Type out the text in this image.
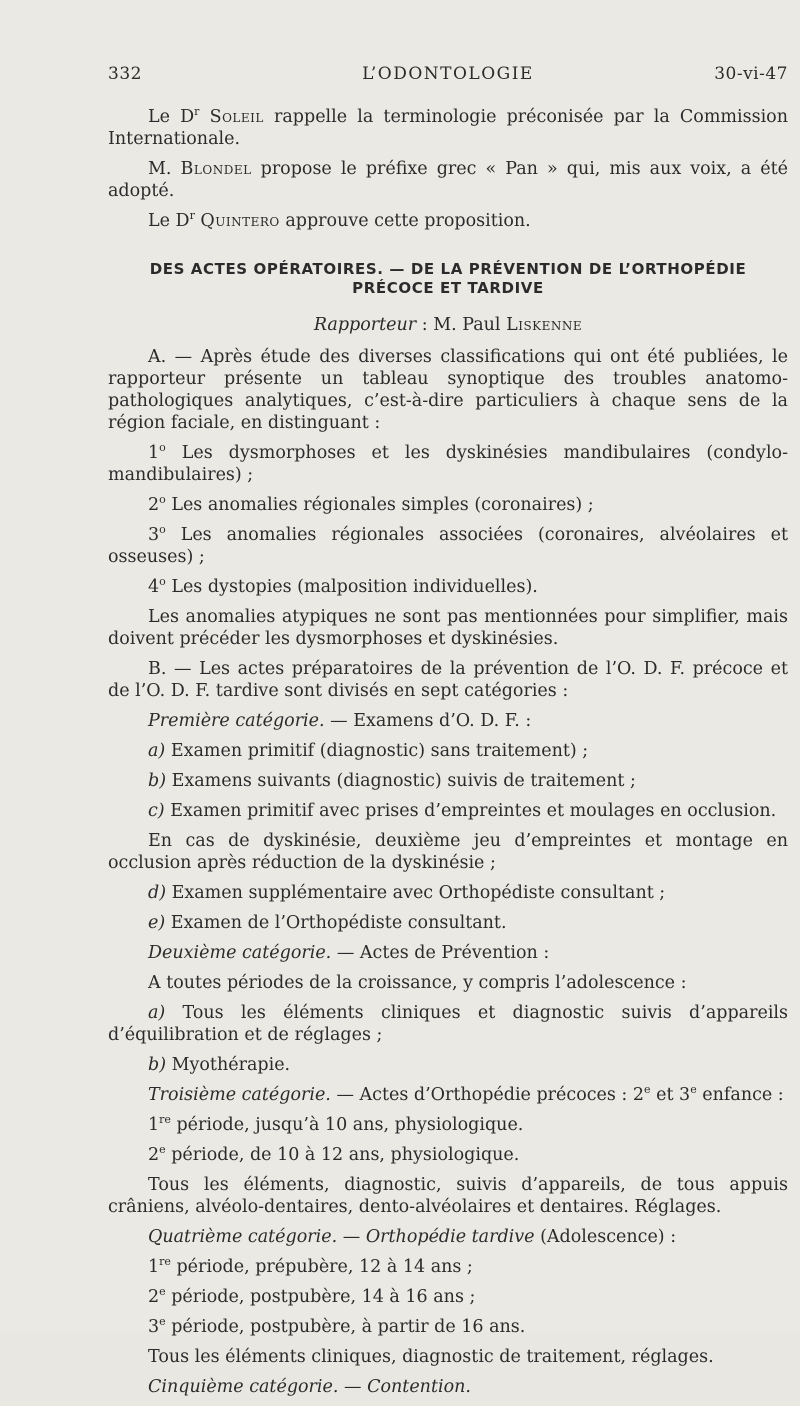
332	L’ODONTOLOGIE	30-vi-47

Le $D^r$ Soleil rappelle la terminologie préconisée par la Commission Internationale.

M. Blondel propose le préfixe grec « Pan » qui, mis aux voix, a été adopté.

Le $D^r$ Quintero approuve cette proposition.

DES ACTES OPÉRATOIRES. — DE LA PRÉVENTION DE L’ORTHOPÉDIE
PRÉCOCE ET TARDIVE

Rapporteur : M. Paul Liskenne

A. — Après étude des diverses classifications qui ont été publiées, le rapporteur présente un tableau synoptique des troubles anatomo-pathologiques analytiques, c’est-à-dire particuliers à chaque sens de la région faciale, en distinguant :

1$^o$ Les dysmorphoses et les dyskinésies mandibulaires (condylo-mandibulaires) ;

2$^o$ Les anomalies régionales simples (coronaires) ;

3$^o$ Les anomalies régionales associées (coronaires, alvéolaires et osseuses) ;

4$^o$ Les dystopies (malposition individuelles).

Les anomalies atypiques ne sont pas mentionnées pour simplifier, mais doivent précéder les dysmorphoses et dyskinésies.

B. — Les actes préparatoires de la prévention de l’O. D. F. précoce et de l’O. D. F. tardive sont divisés en sept catégories :

Première catégorie. — Examens d’O. D. F. :

a) Examen primitif (diagnostic) sans traitement) ;

b) Examens suivants (diagnostic) suivis de traitement ;

c) Examen primitif avec prises d’empreintes et moulages en occlusion.

En cas de dyskinésie, deuxième jeu d’empreintes et montage en occlusion après réduction de la dyskinésie ;

d) Examen supplémentaire avec Orthopédiste consultant ;

e) Examen de l’Orthopédiste consultant.

Deuxième catégorie. — Actes de Prévention :

A toutes périodes de la croissance, y compris l’adolescence :

a) Tous les éléments cliniques et diagnostic suivis d’appareils d’équilibration et de réglages ;

b) Myothérapie.

Troisième catégorie. — Actes d’Orthopédie précoces : 2e et 3e enfance :

1re période, jusqu’à 10 ans, physiologique.

2e période, de 10 à 12 ans, physiologique.

Tous les éléments, diagnostic, suivis d’appareils, de tous appuis crâniens, alvéolo-dentaires, dento-alvéolaires et dentaires. Réglages.

Quatrième catégorie. — Orthopédie tardive (Adolescence) :

1re période, prépubère, 12 à 14 ans ;

2e période, postpubère, 14 à 16 ans ;

3e période, postpubère, à partir de 16 ans.

Tous les éléments cliniques, diagnostic de traitement, réglages.

Cinquième catégorie. — Contention.
